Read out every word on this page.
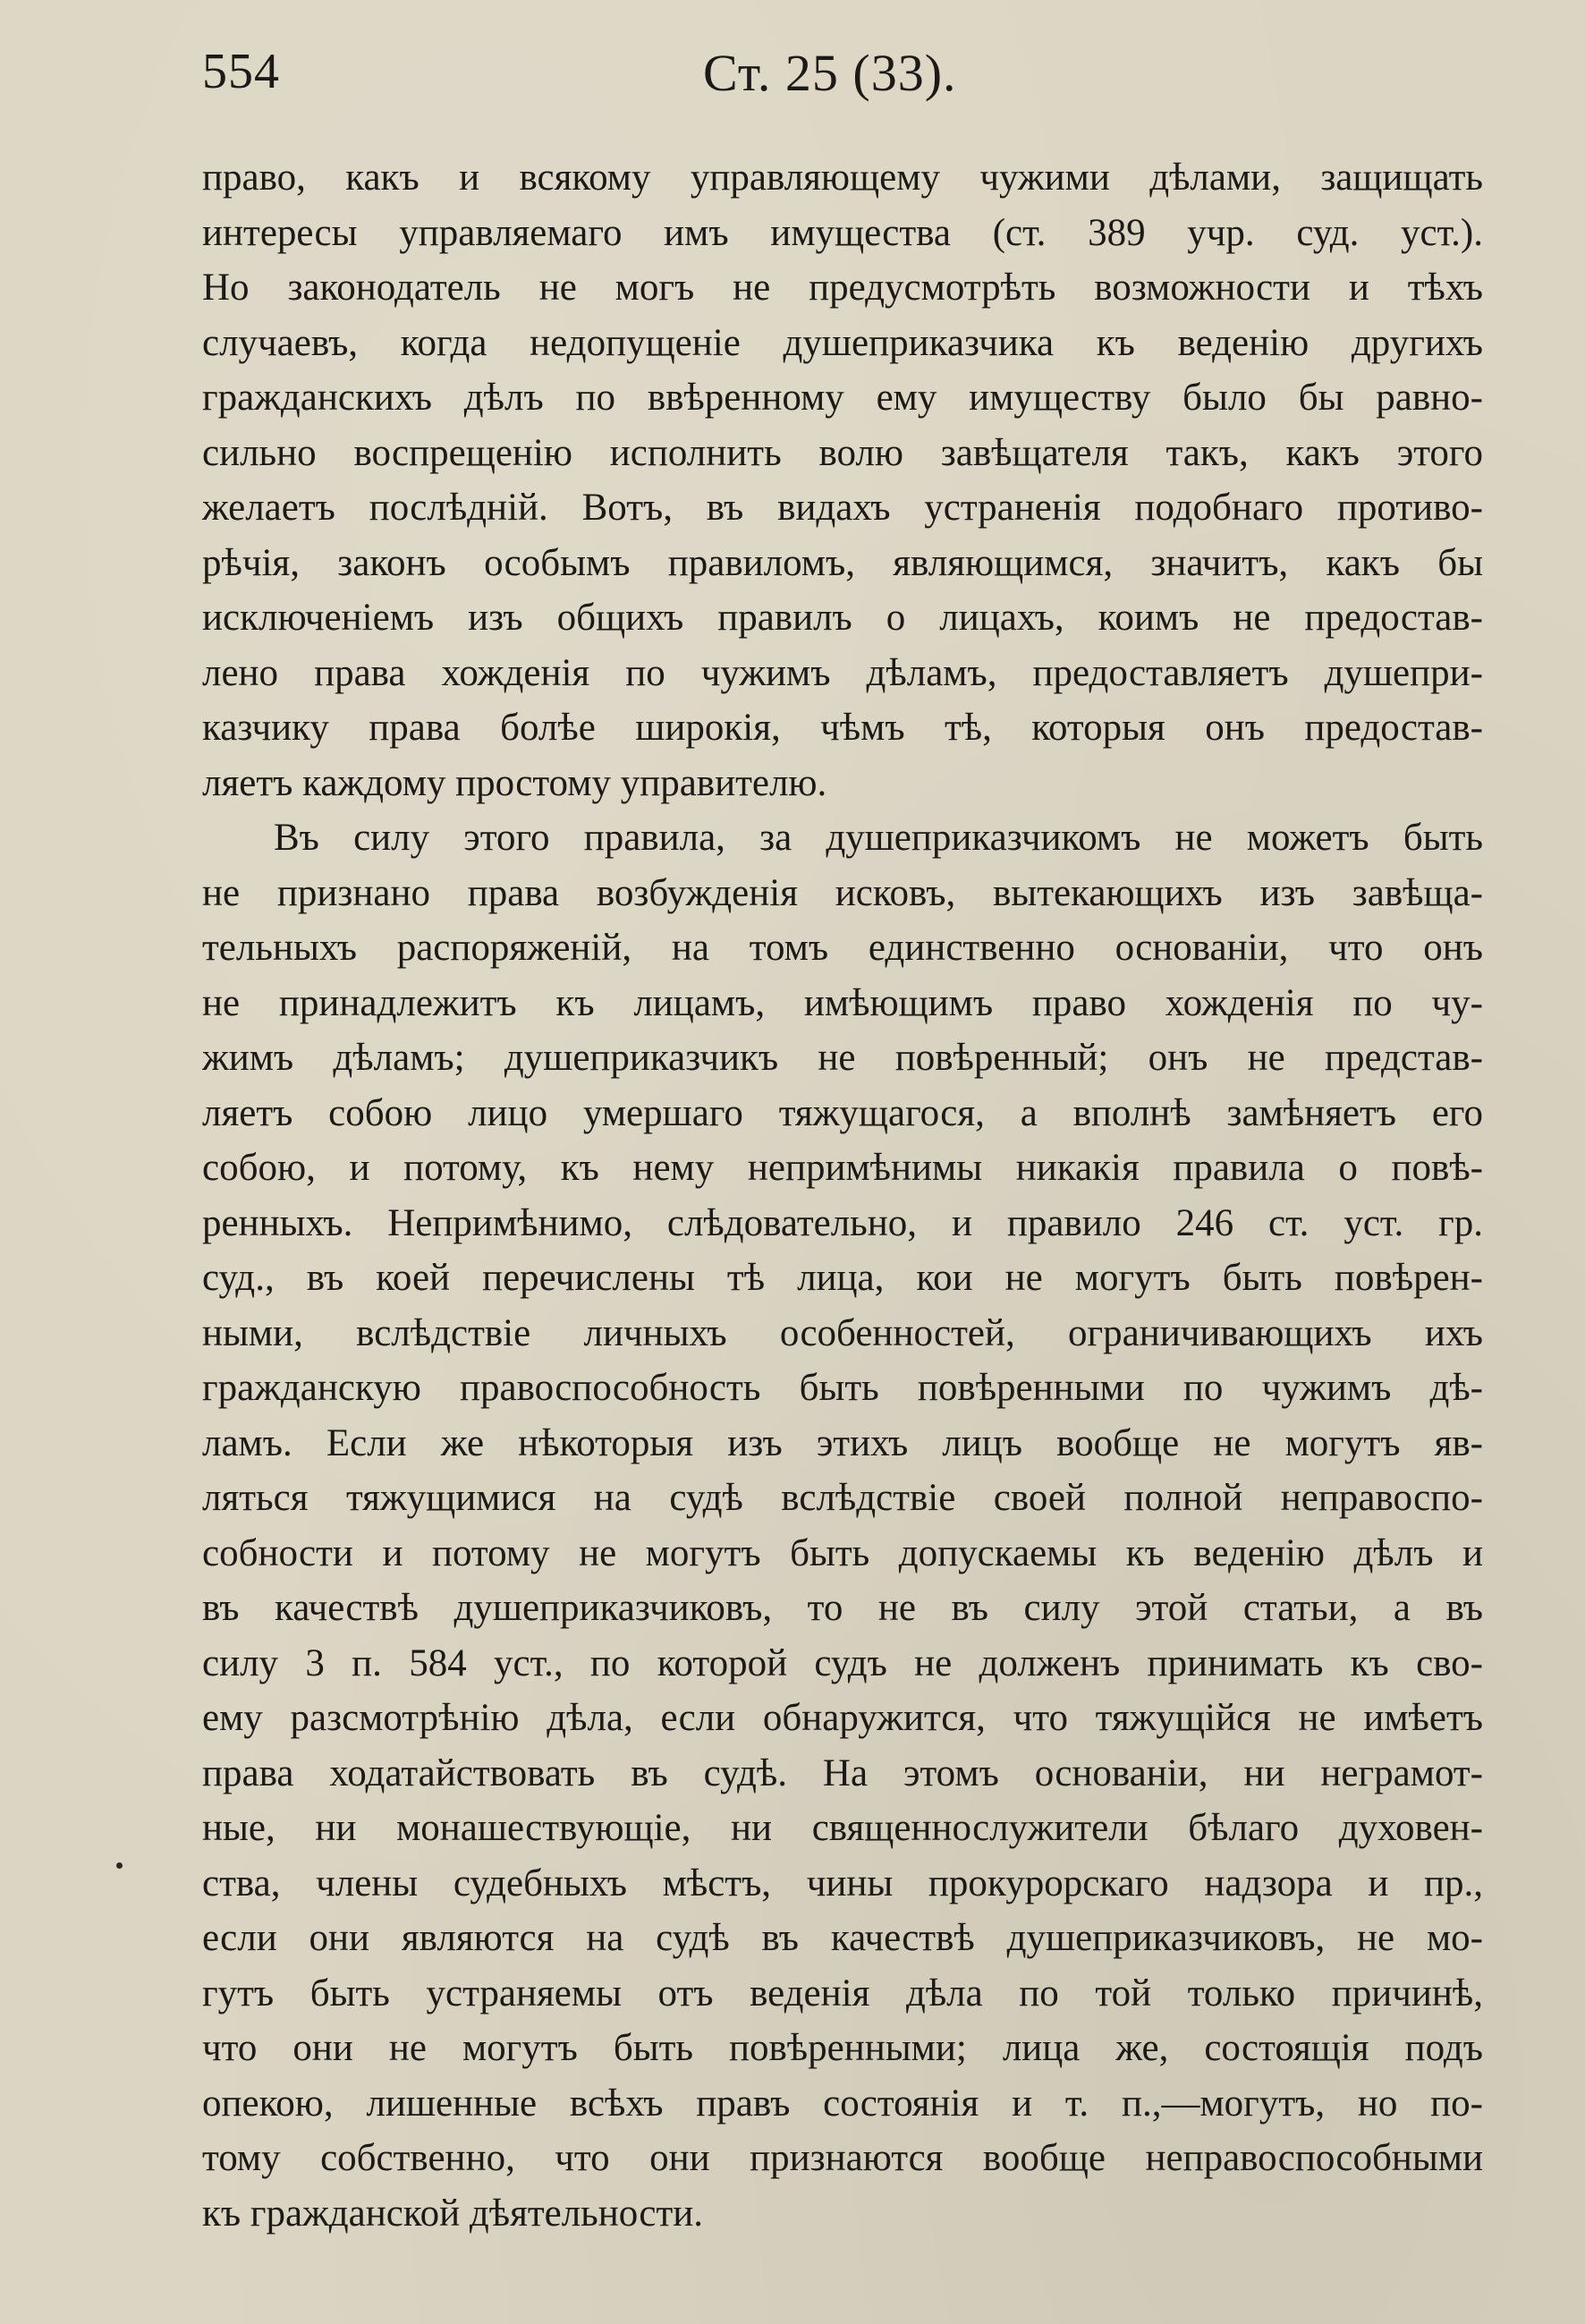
554	Ст. 25 (33).
право, какъ и всякому управляющему чужими дѣлами, защищать
интересы управляемаго имъ имущества (ст. 389 учр. суд. уст.).
Но законодатель не могъ не предусмотрѣть возможности и тѣхъ
случаевъ, когда недопущеніе душеприказчика къ веденію другихъ
гражданскихъ дѣлъ по ввѣренному ему имуществу было бы равно-
сильно воспрещенію исполнить волю завѣщателя такъ, какъ этого
желаетъ послѣдній. Вотъ, въ видахъ устраненія подобнаго противо-
рѣчія, законъ особымъ правиломъ, являющимся, значитъ, какъ бы
исключеніемъ изъ общихъ правилъ о лицахъ, коимъ не предостав-
лено права хожденія по чужимъ дѣламъ, предоставляетъ душепри-
казчику права болѣе широкія, чѣмъ тѣ, которыя онъ предостав-
ляетъ каждому простому управителю.
Въ силу этого правила, за душеприказчикомъ не можетъ быть
не признано права возбужденія исковъ, вытекающихъ изъ завѣща-
тельныхъ распоряженій, на томъ единственно основаніи, что онъ
не принадлежитъ къ лицамъ, имѣющимъ право хожденія по чу-
жимъ дѣламъ; душеприказчикъ не повѣренный; онъ не представ-
ляетъ собою лицо умершаго тяжущагося, а вполнѣ замѣняетъ его
собою, и потому, къ нему непримѣнимы никакія правила о повѣ-
ренныхъ. Непримѣнимо, слѣдовательно, и правило 246 ст. уст. гр.
суд., въ коей перечислены тѣ лица, кои не могутъ быть повѣрен-
ными, вслѣдствіе личныхъ особенностей, ограничивающихъ ихъ
гражданскую правоспособность быть повѣренными по чужимъ дѣ-
ламъ. Если же нѣкоторыя изъ этихъ лицъ вообще не могутъ яв-
ляться тяжущимися на судѣ вслѣдствіе своей полной неправоспо-
собности и потому не могутъ быть допускаемы къ веденію дѣлъ и
въ качествѣ душеприказчиковъ, то не въ силу этой статьи, а въ
силу 3 п. 584 уст., по которой судъ не долженъ принимать къ сво-
ему разсмотрѣнію дѣла, если обнаружится, что тяжущійся не имѣетъ
права ходатайствовать въ судѣ. На этомъ основаніи, ни неграмот-
ные, ни монашествующіе, ни священнослужители бѣлаго духовен-
ства, члены судебныхъ мѣстъ, чины прокурорскаго надзора и пр.,
если они являются на судѣ въ качествѣ душеприказчиковъ, не мо-
гутъ быть устраняемы отъ веденія дѣла по той только причинѣ,
что они не могутъ быть повѣренными; лица же, состоящія подъ
опекою, лишенные всѣхъ правъ состоянія и т. п.,—могутъ, но по-
тому собственно, что они признаются вообще неправоспособными
къ гражданской дѣятельности.
